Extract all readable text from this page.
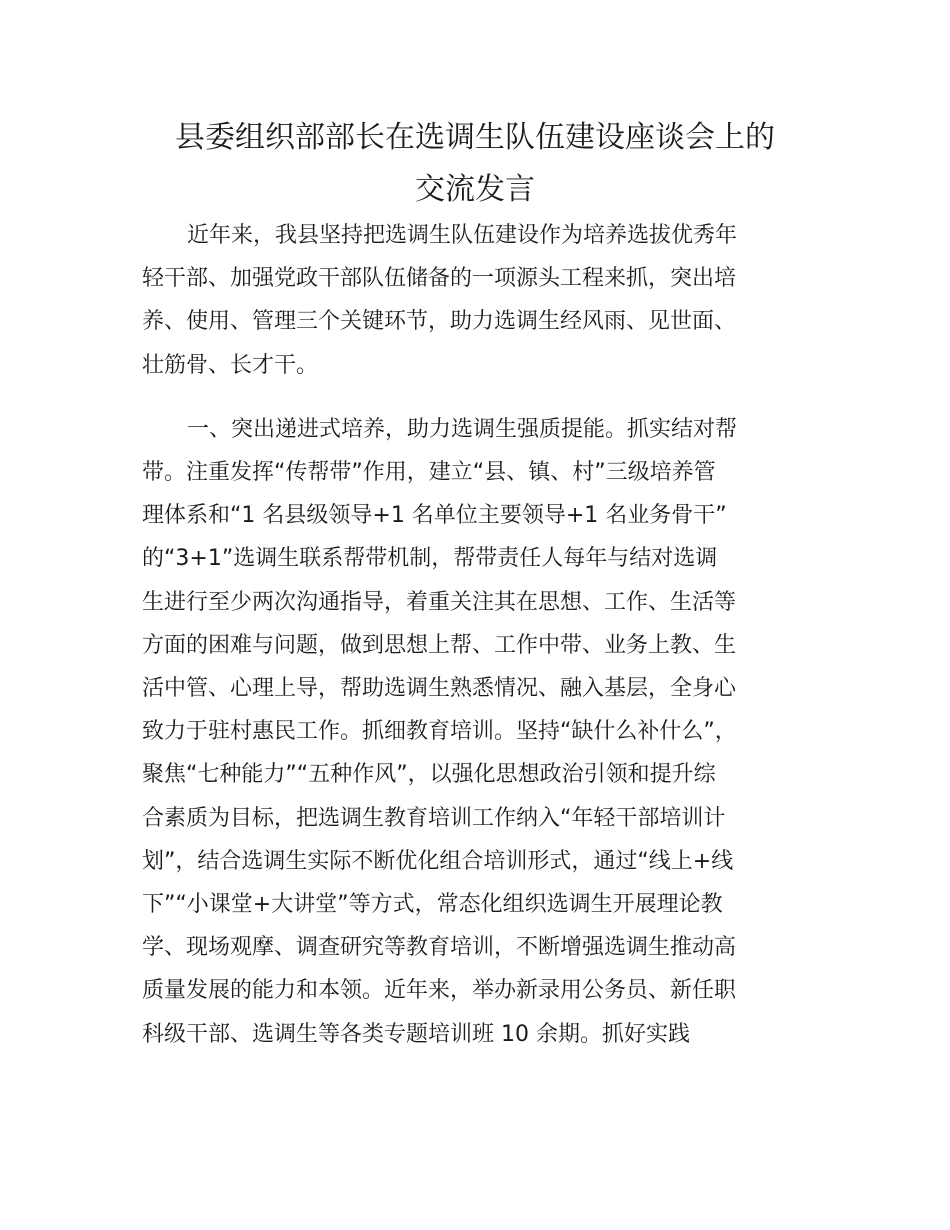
县委组织部部长在选调生队伍建设座谈会上的
交流发言

近年来，我县坚持把选调生队伍建设作为培养选拔优秀年
轻干部、加强党政干部队伍储备的一项源头工程来抓，突出培
养、使用、管理三个关键环节，助力选调生经风雨、见世面、
壮筋骨、长才干。

一、突出递进式培养，助力选调生强质提能。抓实结对帮
带。注重发挥“传帮带”作用，建立“县、镇、村”三级培养管
理体系和“1 名县级领导+1 名单位主要领导+1 名业务骨干”
的“3+1”选调生联系帮带机制，帮带责任人每年与结对选调
生进行至少两次沟通指导，着重关注其在思想、工作、生活等
方面的困难与问题，做到思想上帮、工作中带、业务上教、生
活中管、心理上导，帮助选调生熟悉情况、融入基层，全身心
致力于驻村惠民工作。抓细教育培训。坚持“缺什么补什么”，
聚焦“七种能力”“五种作风”，以强化思想政治引领和提升综
合素质为目标，把选调生教育培训工作纳入“年轻干部培训计
划”，结合选调生实际不断优化组合培训形式，通过“线上+线
下”“小课堂+大讲堂”等方式，常态化组织选调生开展理论教
学、现场观摩、调查研究等教育培训，不断增强选调生推动高
质量发展的能力和本领。近年来，举办新录用公务员、新任职
科级干部、选调生等各类专题培训班 10 余期。抓好实践
